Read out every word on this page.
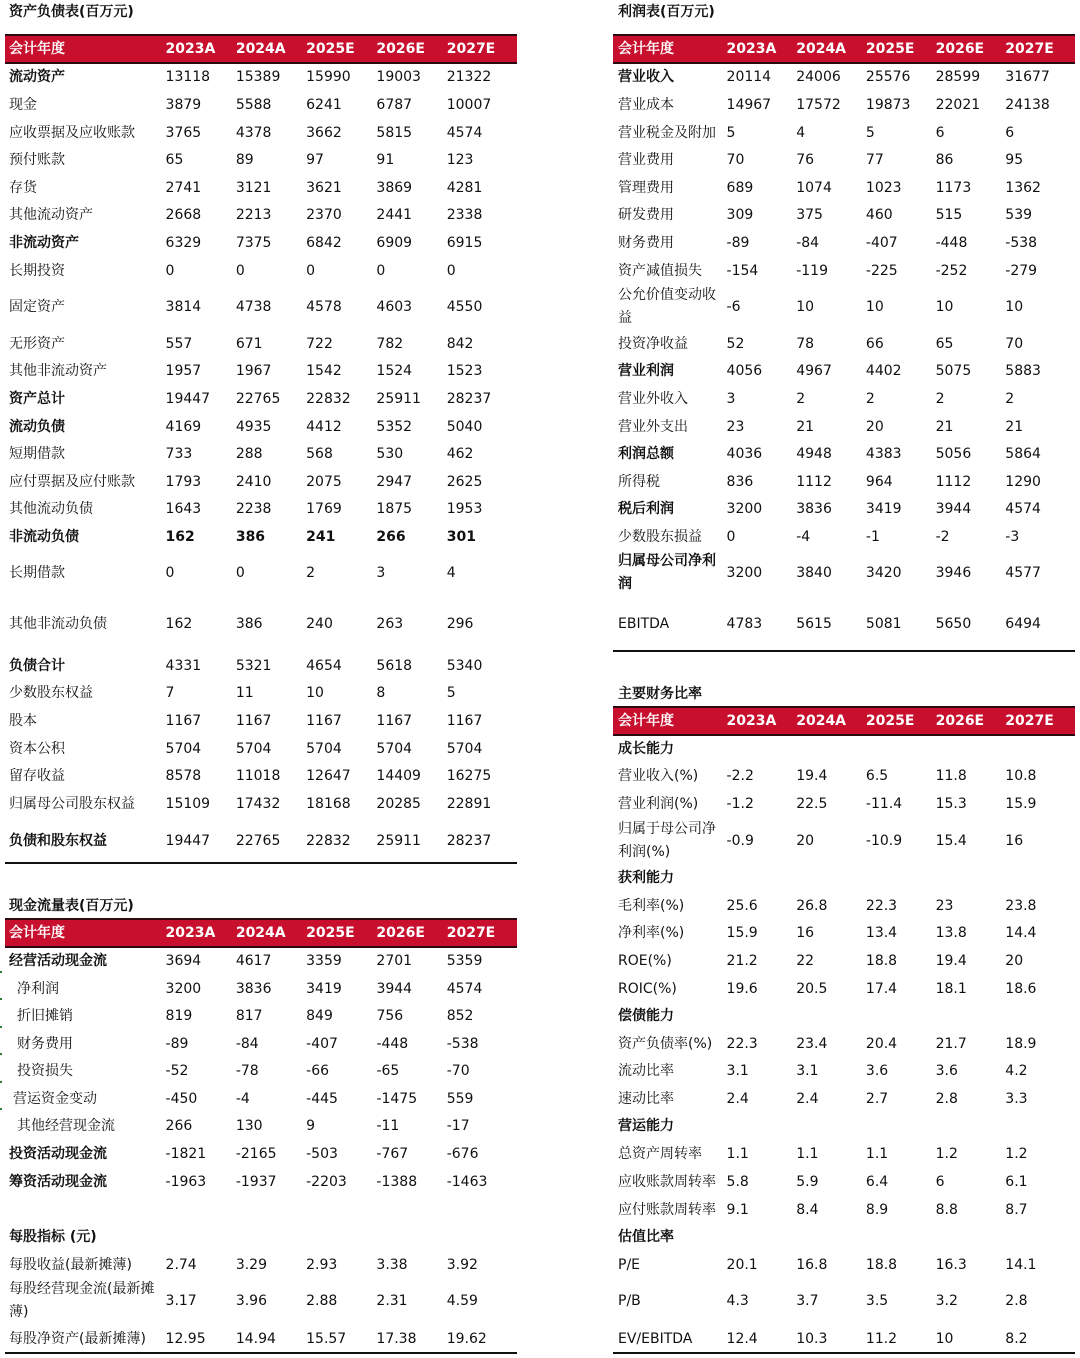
资产负债表(百万元)
会计年度	2023A	2024A	2025E	2026E	2027E
流动资产	13118	15389	15990	19003	21322
现金	3879	5588	6241	6787	10007
应收票据及应收账款	3765	4378	3662	5815	4574
预付账款	65	89	97	91	123
存货	2741	3121	3621	3869	4281
其他流动资产	2668	2213	2370	2441	2338
非流动资产	6329	7375	6842	6909	6915
长期投资	0	0	0	0	0
固定资产	3814	4738	4578	4603	4550
无形资产	557	671	722	782	842
其他非流动资产	1957	1967	1542	1524	1523
资产总计	19447	22765	22832	25911	28237
流动负债	4169	4935	4412	5352	5040
短期借款	733	288	568	530	462
应付票据及应付账款	1793	2410	2075	2947	2625
其他流动负债	1643	2238	1769	1875	1953
非流动负债	162	386	241	266	301
长期借款	0	0	2	3	4
其他非流动负债	162	386	240	263	296
负债合计	4331	5321	4654	5618	5340
少数股东权益	7	11	10	8	5
股本	1167	1167	1167	1167	1167
资本公积	5704	5704	5704	5704	5704
留存收益	8578	11018	12647	14409	16275
归属母公司股东权益	15109	17432	18168	20285	22891
负债和股东权益	19447	22765	22832	25911	28237
现金流量表(百万元)
会计年度	2023A	2024A	2025E	2026E	2027E
经营活动现金流	3694	4617	3359	2701	5359
净利润	3200	3836	3419	3944	4574
折旧摊销	819	817	849	756	852
财务费用	-89	-84	-407	-448	-538
投资损失	-52	-78	-66	-65	-70
营运资金变动	-450	-4	-445	-1475	559
其他经营现金流	266	130	9	-11	-17
投资活动现金流	-1821	-2165	-503	-767	-676
筹资活动现金流	-1963	-1937	-2203	-1388	-1463
每股指标 (元)
每股收益(最新摊薄)	2.74	3.29	2.93	3.38	3.92
每股经营现金流(最新摊薄)
3.17	3.96	2.88	2.31	4.59
每股净资产(最新摊薄)	12.95	14.94	15.57	17.38	19.62
利润表(百万元)
会计年度	2023A	2024A	2025E	2026E	2027E
营业收入	20114	24006	25576	28599	31677
营业成本	14967	17572	19873	22021	24138
营业税金及附加 5	4	5	6	6
营业费用	70	76	77	86	95
管理费用	689	1074	1023	1173	1362
研发费用	309	375	460	515	539
财务费用	-89	-84	-407	-448	-538
资产减值损失	-154	-119	-225	-252	-279
公允价值变动收益
-6	10	10	10	10
投资净收益	52	78	66	65	70
营业利润	4056	4967	4402	5075	5883
营业外收入	3	2	2	2	2
营业外支出	23	21	20	21	21
利润总额	4036	4948	4383	5056	5864
所得税	836	1112	964	1112	1290
税后利润	3200	3836	3419	3944	4574
少数股东损益	0	-4	-1	-2	-3
归属母公司净利润
3200	3840	3420	3946	4577
EBITDA	4783	5615	5081	5650	6494
主要财务比率
会计年度	2023A	2024A	2025E	2026E	2027E
成长能力
营业收入(%)	-2.2	19.4	6.5	11.8	10.8
营业利润(%)	-1.2	22.5	-11.4	15.3	15.9
归属于母公司净利润(%)
-0.9	20	-10.9	15.4	16
获利能力
毛利率(%)	25.6	26.8	22.3	23	23.8
净利率(%)	15.9	16	13.4	13.8	14.4
ROE(%)	21.2	22	18.8	19.4	20
ROIC(%)	19.6	20.5	17.4	18.1	18.6
偿债能力
资产负债率(%)	22.3	23.4	20.4	21.7	18.9
流动比率	3.1	3.1	3.6	3.6	4.2
速动比率	2.4	2.4	2.7	2.8	3.3
营运能力
总资产周转率	1.1	1.1	1.1	1.2	1.2
应收账款周转率 5.8	5.9	6.4	6	6.1
应付账款周转率 9.1	8.4	8.9	8.8	8.7
估值比率
P/E	20.1	16.8	18.8	16.3	14.1
P/B	4.3	3.7	3.5	3.2	2.8
EV/EBITDA	12.4	10.3	11.2	10	8.2
